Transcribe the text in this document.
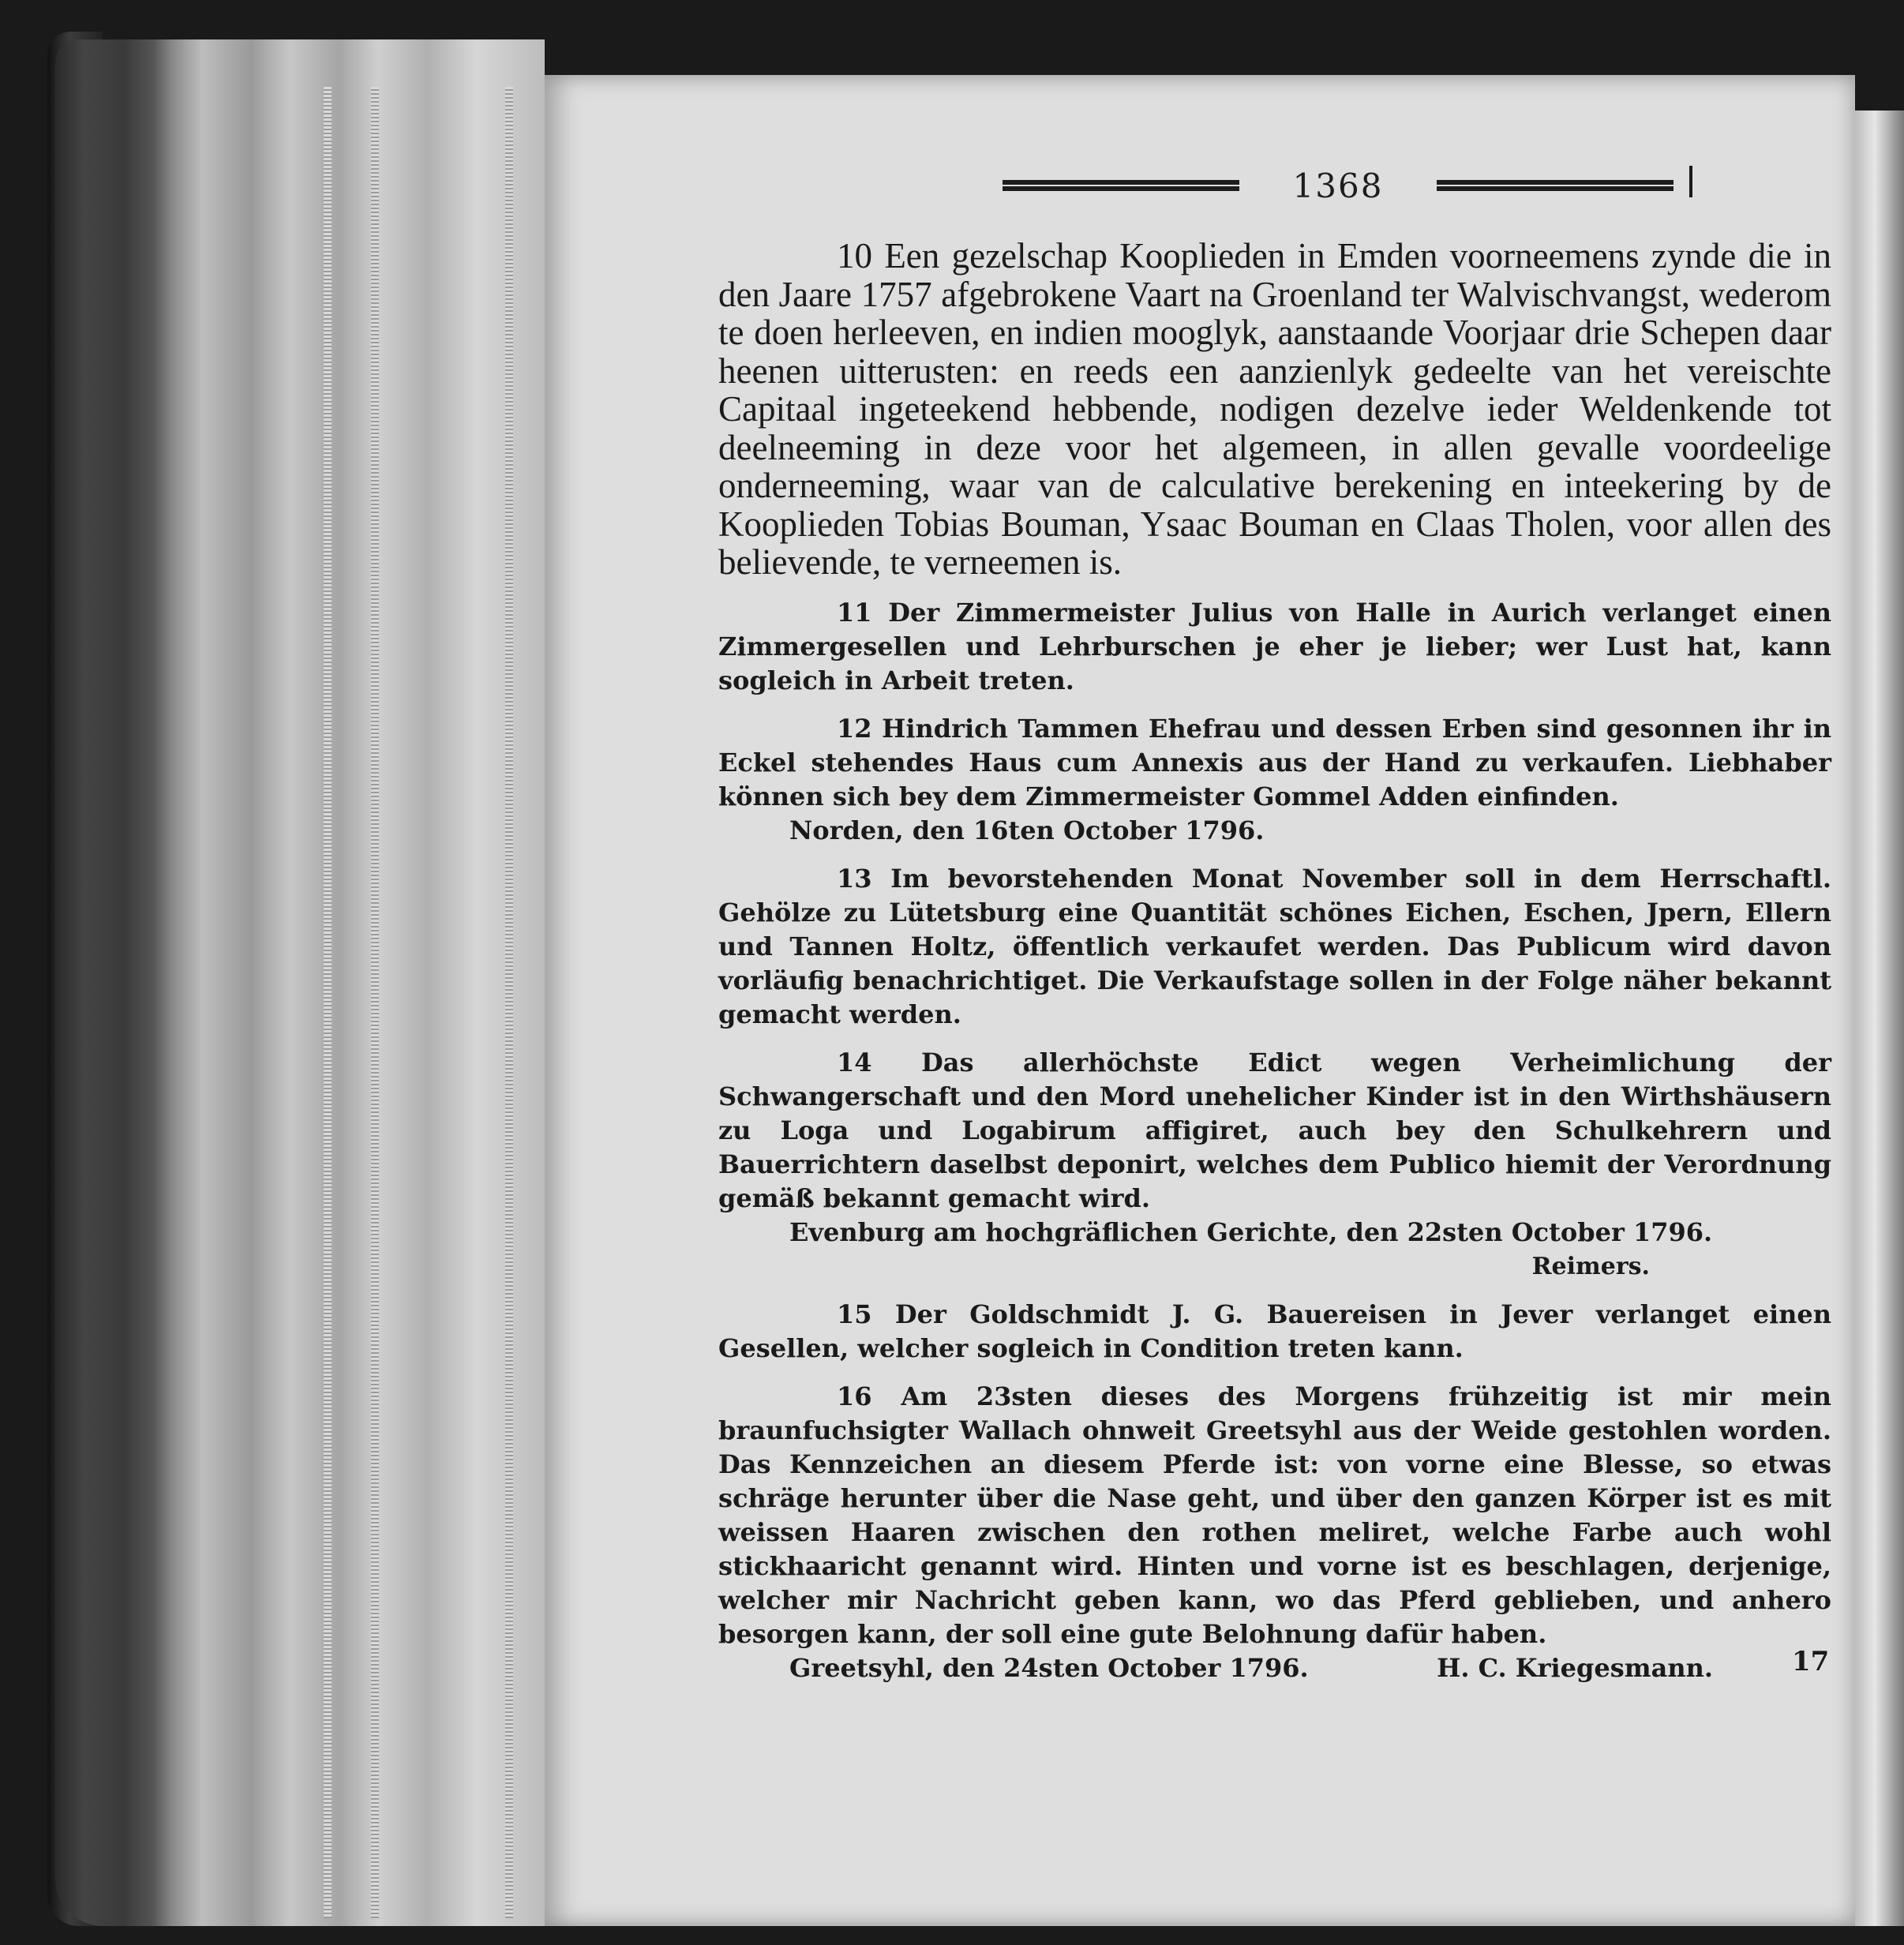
1368

10 Een gezelschap Kooplieden in Emden voorneemens zynde die in den Jaare 1757 afgebrokene Vaart na Groenland ter Walvischvangst, wederom te doen herleeven, en indien mooglyk, aanstaande Voorjaar drie Schepen daar heenen uitterusten: en reeds een aanzienlyk gedeelte van het vereischte Capitaal ingeteekend hebbende, nodigen dezelve ieder Weldenkende tot deelneeming in deze voor het algemeen, in allen gevalle voordeelige onderneeming, waar van de calculative berekening en inteekering by de Kooplieden Tobias Bouman, Ysaac Bouman en Claas Tholen, voor allen des believende, te verneemen is.

11 Der Zimmermeister Julius von Halle in Aurich verlanget einen Zimmergesellen und Lehrburschen je eher je lieber; wer Lust hat, kann sogleich in Arbeit treten.

12 Hindrich Tammen Ehefrau und dessen Erben sind gesonnen ihr in Eckel stehendes Haus cum Annexis aus der Hand zu verkaufen. Liebhaber können sich bey dem Zimmermeister Gommel Adden einfinden.

Norden, den 16ten October 1796.

13 Im bevorstehenden Monat November soll in dem Herrschaftl. Gehölze zu Lütetsburg eine Quantität schönes Eichen, Eschen, Jpern, Ellern und Tannen Holtz, öffentlich verkaufet werden. Das Publicum wird davon vorläufig benachrichtiget. Die Verkaufstage sollen in der Folge näher bekannt gemacht werden.

14 Das allerhöchste Edict wegen Verheimlichung der Schwangerschaft und den Mord unehelicher Kinder ist in den Wirthshäusern zu Loga und Logabirum affigiret, auch bey den Schulkehrern und Bauerrichtern daselbst deponirt, welches dem Publico hiemit der Verordnung gemäß bekannt gemacht wird.

Evenburg am hochgräflichen Gerichte, den 22sten October 1796.
Reimers.

15 Der Goldschmidt J. G. Bauereisen in Jever verlanget einen Gesellen, welcher sogleich in Condition treten kann.

16 Am 23sten dieses des Morgens frühzeitig ist mir mein braunfuchsigter Wallach ohnweit Greetsyhl aus der Weide gestohlen worden. Das Kennzeichen an diesem Pferde ist: von vorne eine Blesse, so etwas schräge herunter über die Nase geht, und über den ganzen Körper ist es mit weissen Haaren zwischen den rothen meliret, welche Farbe auch wohl stickhaaricht genannt wird. Hinten und vorne ist es beschlagen, derjenige, welcher mir Nachricht geben kann, wo das Pferd geblieben, und anhero besorgen kann, der soll eine gute Belohnung dafür haben.

Greetsyhl, den 24sten October 1796.	H. C. Kriegesmann.	17
